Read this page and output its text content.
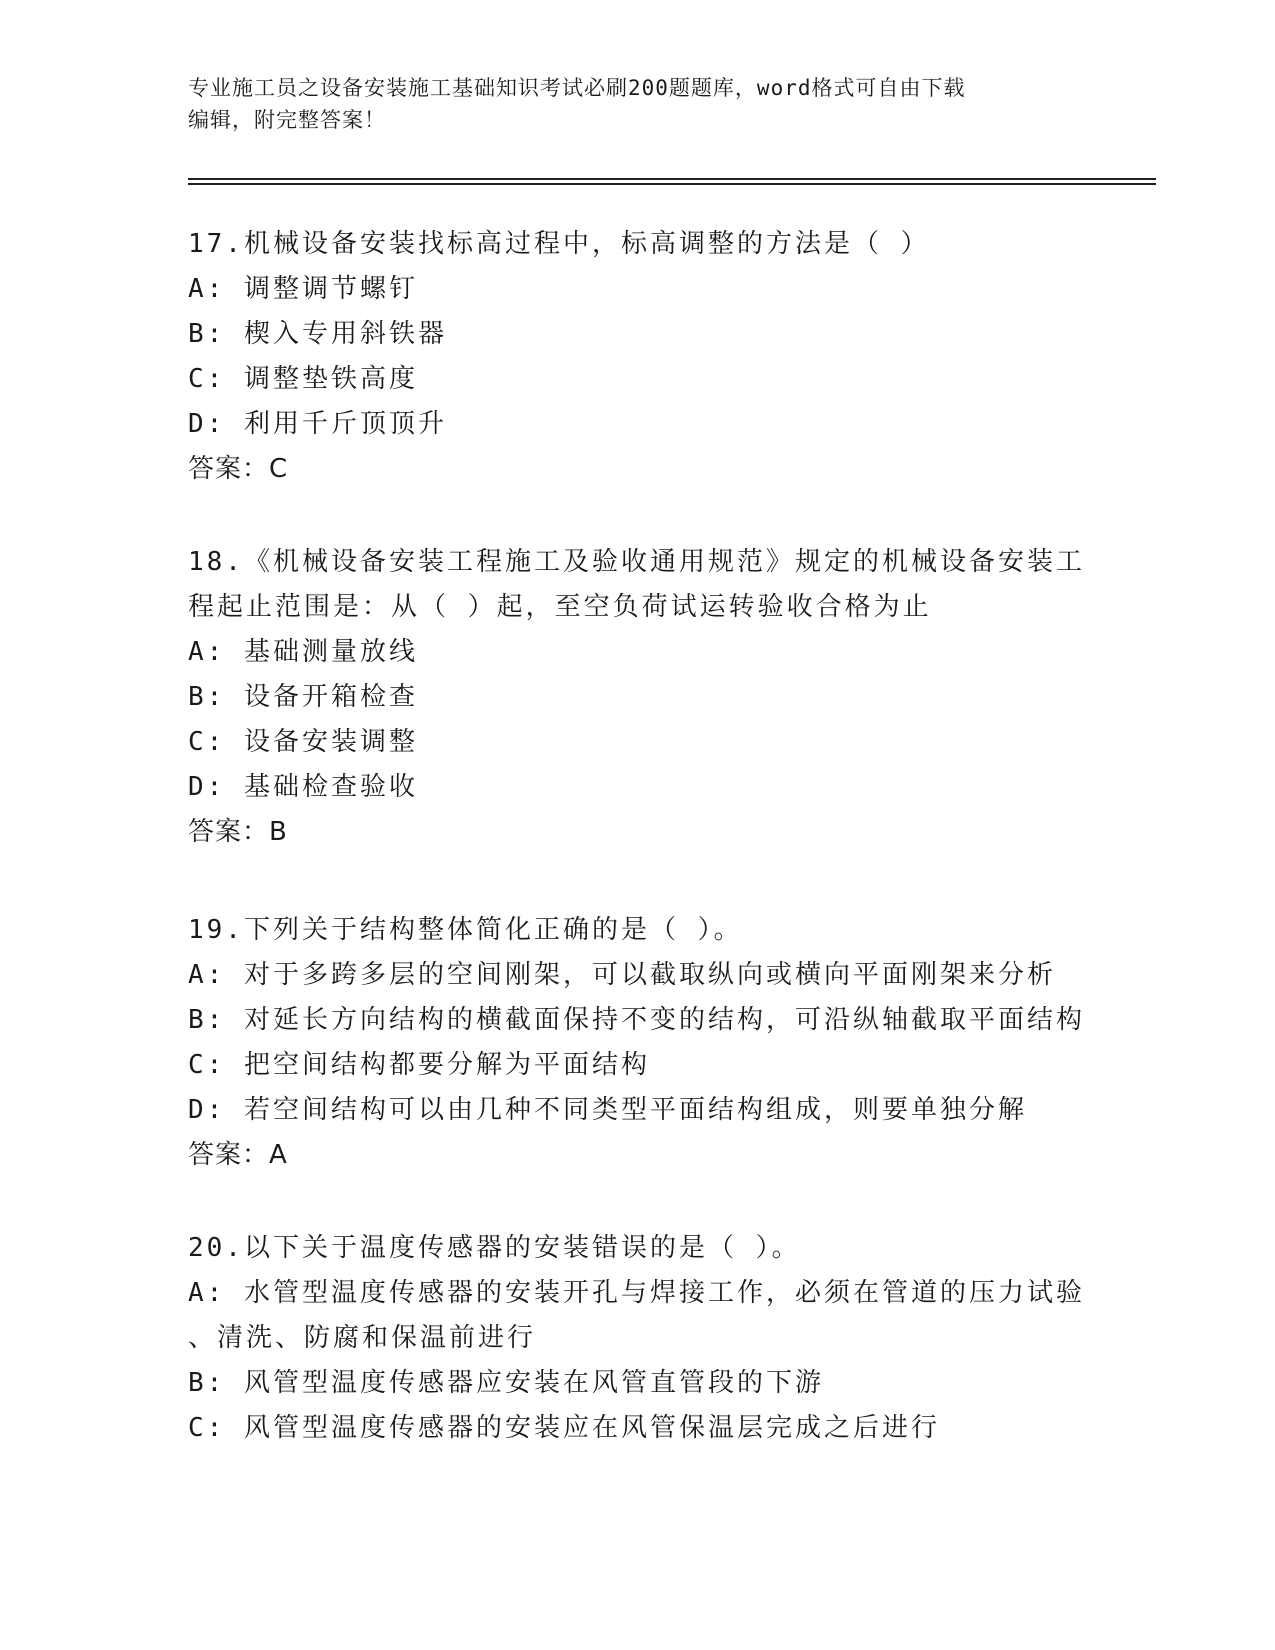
专业施工员之设备安装施工基础知识考试必刷200题题库，word格式可自由下载
编辑，附完整答案！
17.机械设备安装找标高过程中，标高调整的方法是（ ）
A: 调整调节螺钉
B: 楔入专用斜铁器
C: 调整垫铁高度
D: 利用千斤顶顶升
答案：C
18.《机械设备安装工程施工及验收通用规范》规定的机械设备安装工
程起止范围是：从（ ）起，至空负荷试运转验收合格为止
A: 基础测量放线
B: 设备开箱检查
C: 设备安装调整
D: 基础检查验收
答案：B
19.下列关于结构整体简化正确的是（ ）。
A: 对于多跨多层的空间刚架，可以截取纵向或横向平面刚架来分析
B: 对延长方向结构的横截面保持不变的结构，可沿纵轴截取平面结构
C: 把空间结构都要分解为平面结构
D: 若空间结构可以由几种不同类型平面结构组成，则要单独分解
答案：A
20.以下关于温度传感器的安装错误的是（ ）。
A: 水管型温度传感器的安装开孔与焊接工作，必须在管道的压力试验
、清洗、防腐和保温前进行
B: 风管型温度传感器应安装在风管直管段的下游
C: 风管型温度传感器的安装应在风管保温层完成之后进行
